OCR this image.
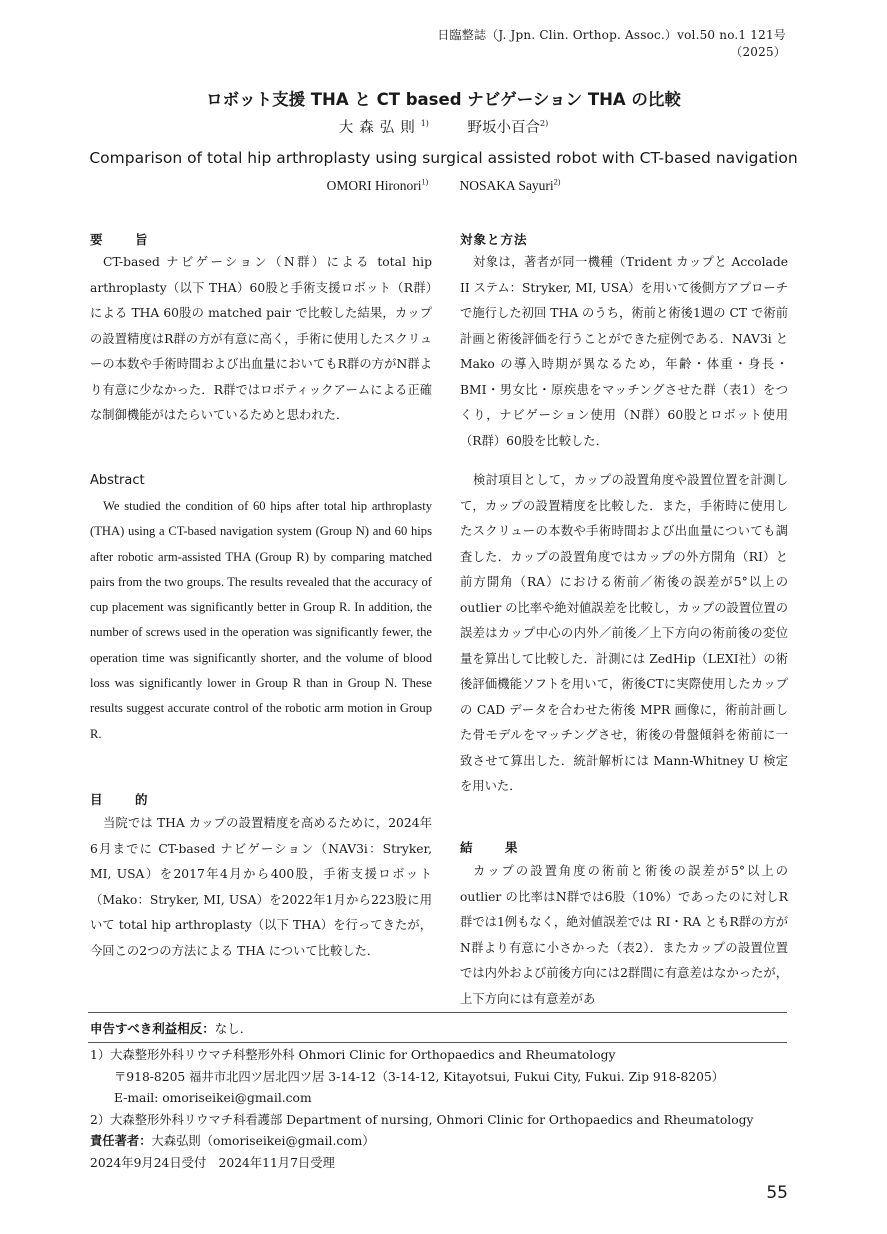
日臨整誌（J. Jpn. Clin. Orthop. Assoc.）vol.50 no.1 121号（2025）
ロボット支援 THA と CT based ナビゲーション THA の比較
大森弘則$^{1)}$	野坂小百合$^{2)}$
Comparison of total hip arthroplasty using surgical assisted robot with CT-based navigation
OMORI Hironori$^{1)}$ NOSAKA Sayuri$^{2)}$
要　旨

CT-based ナビゲーション（N群）による total hip arthroplasty（以下 THA）60股と手術支援ロボット（R群）による THA 60股の matched pair で比較した結果，カップの設置精度はR群の方が有意に高く，手術に使用したスクリューの本数や手術時間および出血量においてもR群の方がN群より有意に少なかった．R群ではロボティックアームによる正確な制御機能がはたらいているためと思われた．

Abstract

We studied the condition of 60 hips after total hip arthroplasty (THA) using a CT-based navigation system (Group N) and 60 hips after robotic arm-assisted THA (Group R) by comparing matched pairs from the two groups. The results revealed that the accuracy of cup placement was significantly better in Group R. In addition, the number of screws used in the operation was significantly fewer, the operation time was significantly shorter, and the volume of blood loss was significantly lower in Group R than in Group N. These results suggest accurate control of the robotic arm motion in Group R.

目　的

当院では THA カップの設置精度を高めるために，2024年6月までに CT-based ナビゲーション（NAV3i：Stryker, MI, USA）を2017年4月から400股，手術支援ロボット（Mako：Stryker, MI, USA）を2022年1月から223股に用いて total hip arthroplasty（以下 THA）を行ってきたが，今回この2つの方法による THA について比較した．

対象と方法

対象は，著者が同一機種（Trident カップと Accolade II ステム：Stryker, MI, USA）を用いて後側方アプローチで施行した初回 THA のうち，術前と術後1週の CT で術前計画と術後評価を行うことができた症例である．NAV3i と Mako の導入時期が異なるため，年齢・体重・身長・BMI・男女比・原疾患をマッチングさせた群（表1）をつくり，ナビゲーション使用（N群）60股とロボット使用（R群）60股を比較した．

検討項目として，カップの設置角度や設置位置を計測して，カップの設置精度を比較した．また，手術時に使用したスクリューの本数や手術時間および出血量についても調査した．カップの設置角度ではカップの外方開角（RI）と前方開角（RA）における術前／術後の誤差が5°以上の outlier の比率や絶対値誤差を比較し，カップの設置位置の誤差はカップ中心の内外／前後／上下方向の術前後の変位量を算出して比較した．計測には ZedHip（LEXI社）の術後評価機能ソフトを用いて，術後CTに実際使用したカップの CAD データを合わせた術後 MPR 画像に，術前計画した骨モデルをマッチングさせ，術後の骨盤傾斜を術前に一致させて算出した．統計解析には Mann-Whitney U 検定を用いた．

結　果

カップの設置角度の術前と術後の誤差が5°以上の outlier の比率はN群では6股（10%）であったのに対しR群では1例もなく，絶対値誤差では RI・RA ともR群の方がN群より有意に小さかった（表2）．またカップの設置位置では内外および前後方向には2群間に有意差はなかったが，上下方向には有意差があ

申告すべき利益相反：なし．
1）大森整形外科リウマチ科整形外科 Ohmori Clinic for Orthopaedics and Rheumatology
〒918-8205 福井市北四ツ居北四ツ居 3-14-12（3-14-12, Kitayotsui, Fukui City, Fukui. Zip 918-8205）
E-mail: omoriseikei@gmail.com
2）大森整形外科リウマチ科看護部 Department of nursing, Ohmori Clinic for Orthopaedics and Rheumatology
責任著者：大森弘則（omoriseikei@gmail.com）
2024年9月24日受付　2024年11月7日受理
55
